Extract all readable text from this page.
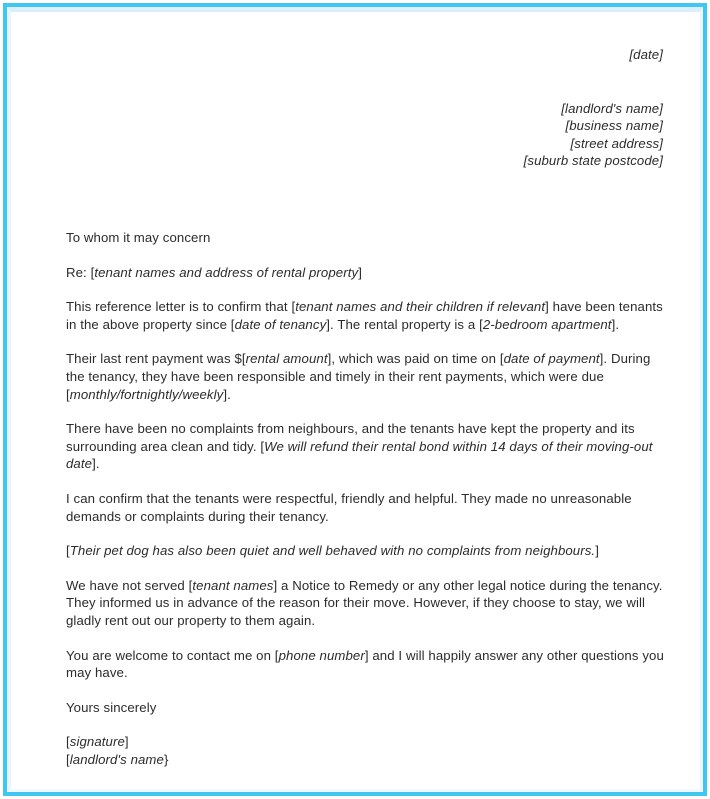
[date]
[landlord's name]
[business name]
[street address]
[suburb state postcode]

To whom it may concern

Re: [tenant names and address of rental property]

This reference letter is to confirm that [tenant names and their children if relevant] have been tenants in the above property since [date of tenancy]. The rental property is a [2-bedroom apartment].

Their last rent payment was $[rental amount], which was paid on time on [date of payment]. During the tenancy, they have been responsible and timely in their rent payments, which were due [monthly/fortnightly/weekly].

There have been no complaints from neighbours, and the tenants have kept the property and its surrounding area clean and tidy. [We will refund their rental bond within 14 days of their moving-out date].

I can confirm that the tenants were respectful, friendly and helpful. They made no unreasonable demands or complaints during their tenancy.

[Their pet dog has also been quiet and well behaved with no complaints from neighbours.]

We have not served [tenant names] a Notice to Remedy or any other legal notice during the tenancy. They informed us in advance of the reason for their move. However, if they choose to stay, we will gladly rent out our property to them again.

You are welcome to contact me on [phone number] and I will happily answer any other questions you may have.

Yours sincerely

[signature]
[landlord's name}
